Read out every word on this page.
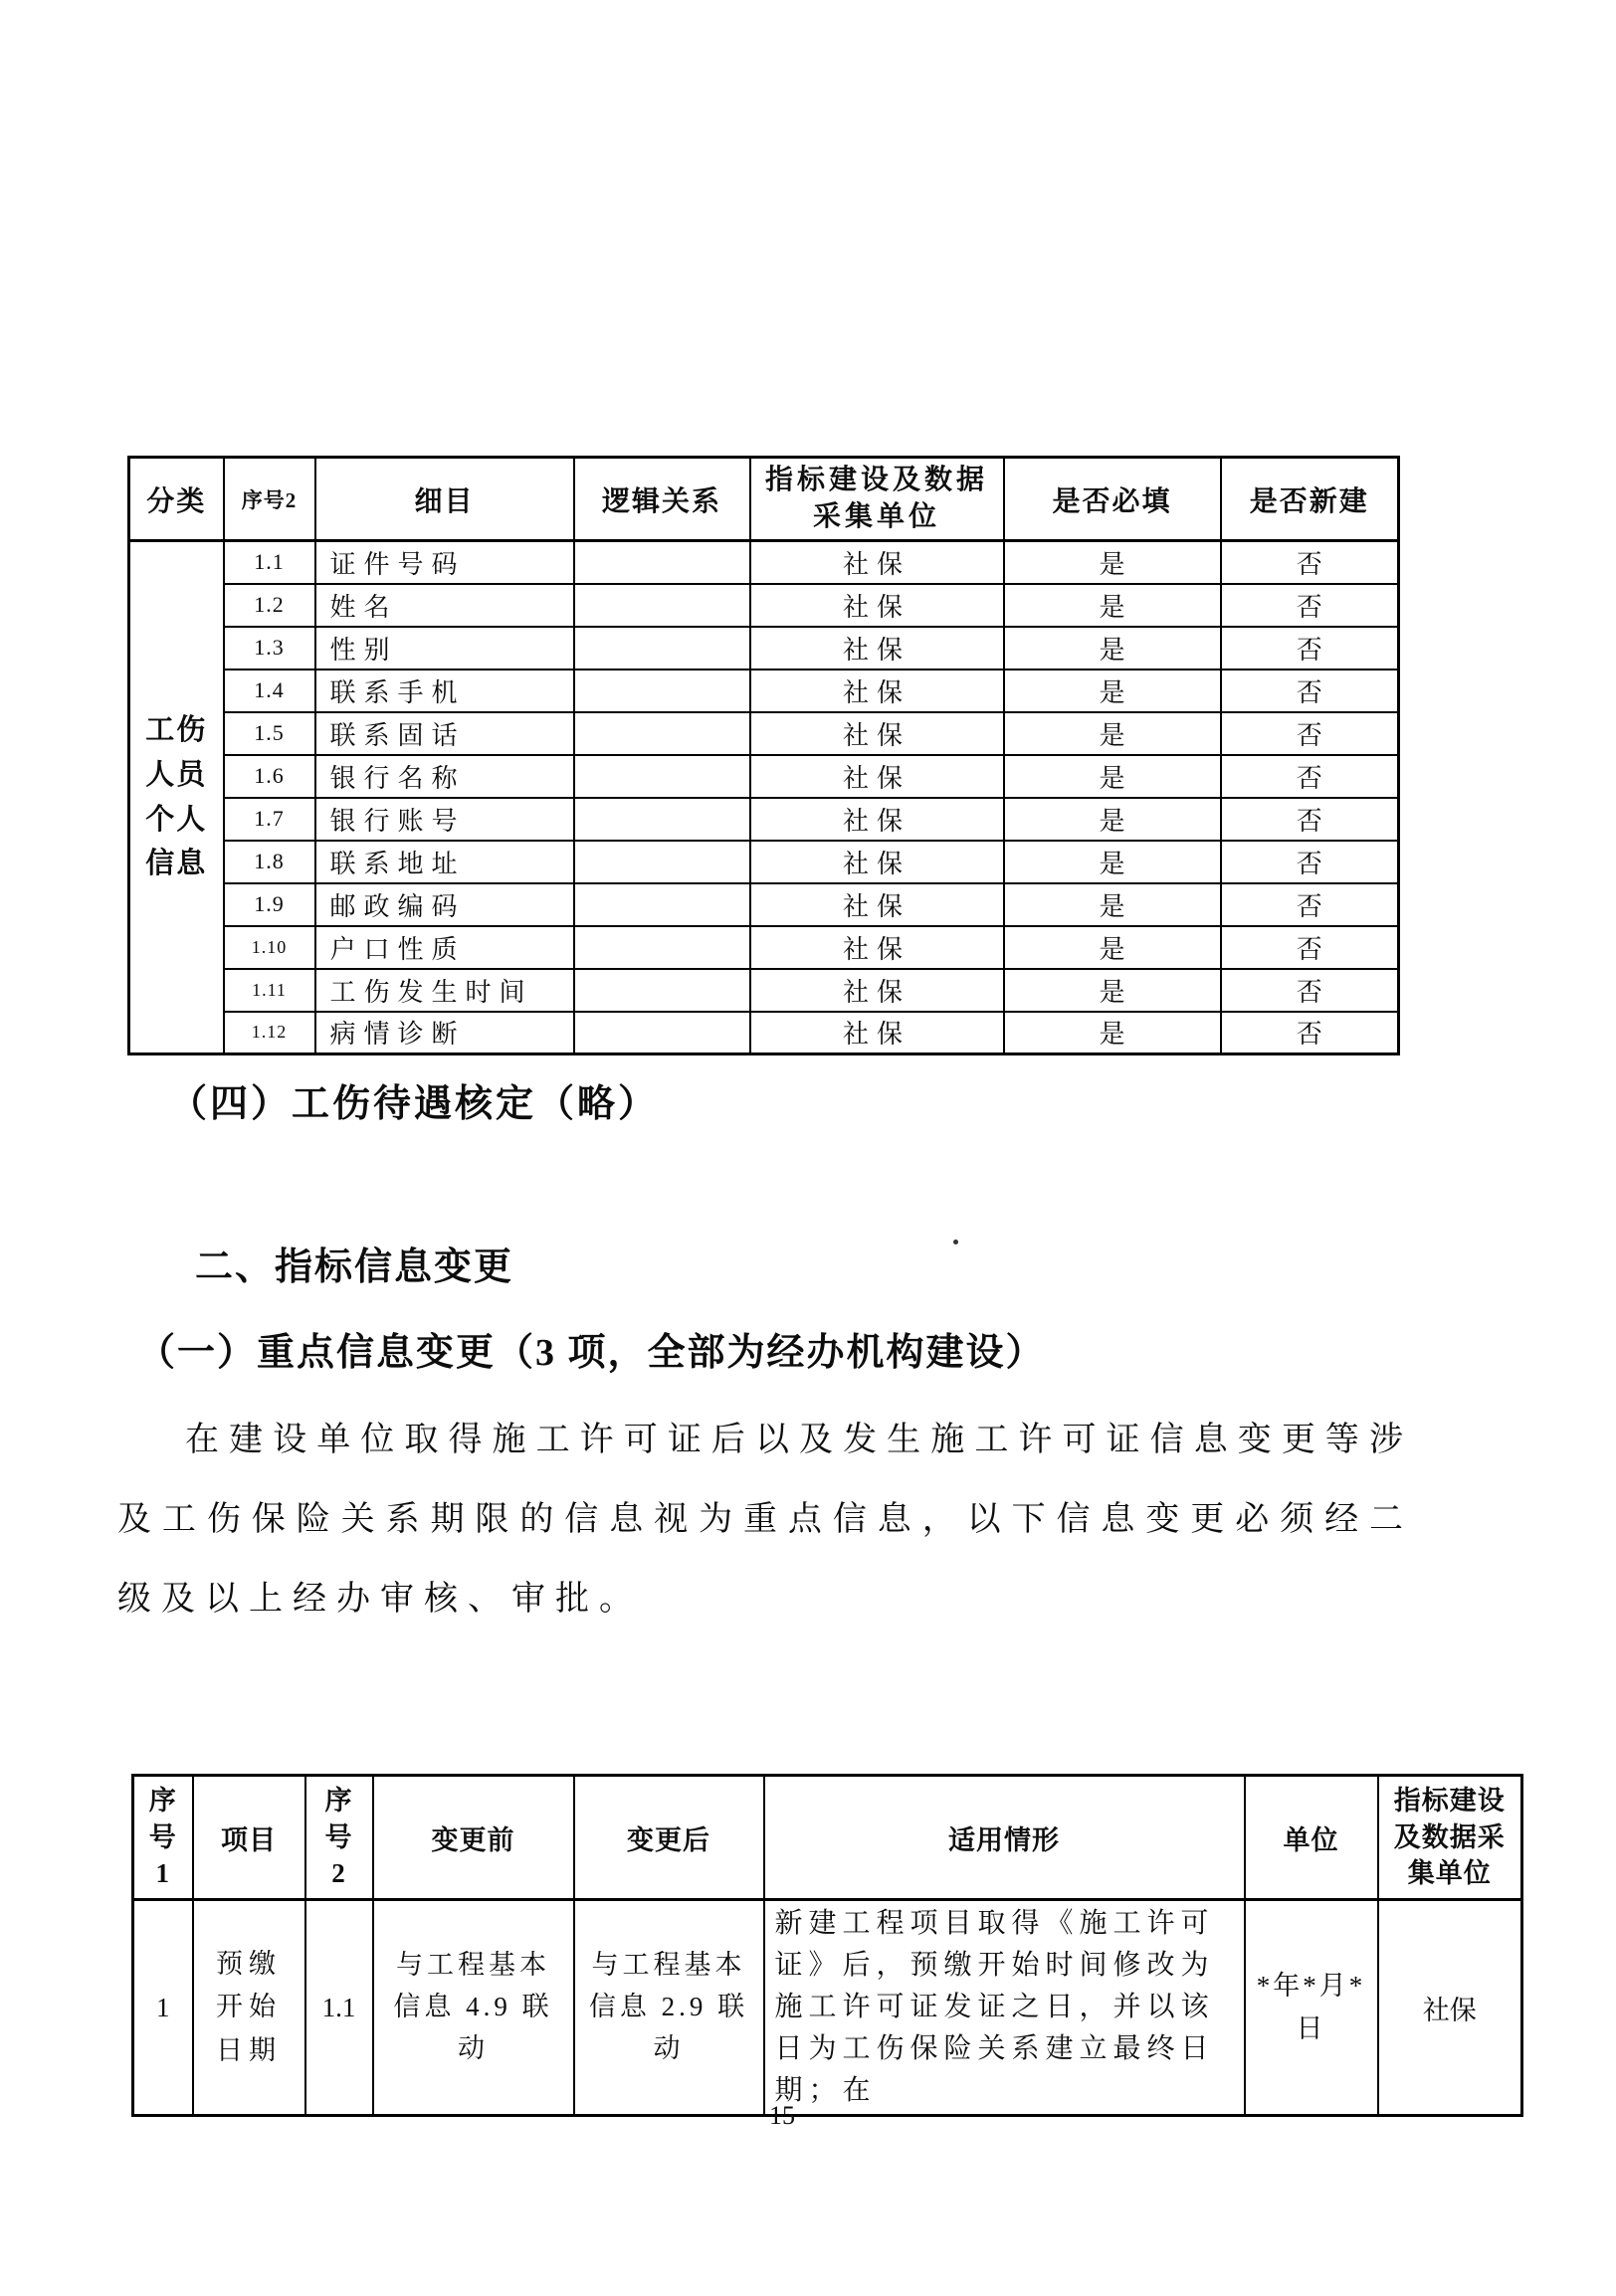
分类	序号2	细目	逻辑关系	指标建设及数据采集单位	是否必填	是否新建
工伤人员个人信息	1.1	证件号码		社保	是	否
	1.2	姓名		社保	是	否
	1.3	性别		社保	是	否
	1.4	联系手机		社保	是	否
	1.5	联系固话		社保	是	否
	1.6	银行名称		社保	是	否
	1.7	银行账号		社保	是	否
	1.8	联系地址		社保	是	否
	1.9	邮政编码		社保	是	否
	1.10	户口性质		社保	是	否
	1.11	工伤发生时间		社保	是	否
	1.12	病情诊断		社保	是	否
（四）工伤待遇核定（略）
二、指标信息变更
（一）重点信息变更（3 项，全部为经办机构建设）
在建设单位取得施工许可证后以及发生施工许可证信息变更等涉及工伤保险关系期限的信息视为重点信息，以下信息变更必须经二级及以上经办审核、审批。
序号1	项目	序号2	变更前	变更后	适用情形	单位	指标建设及数据采集单位
1	预缴开始日期	1.1	与工程基本信息 4.9 联动	与工程基本信息 2.9 联动	新建工程项目取得《施工许可证》后，预缴开始时间修改为施工许可证发证之日，并以该日为工伤保险关系建立最终日期；在	*年*月*日	社保
15
